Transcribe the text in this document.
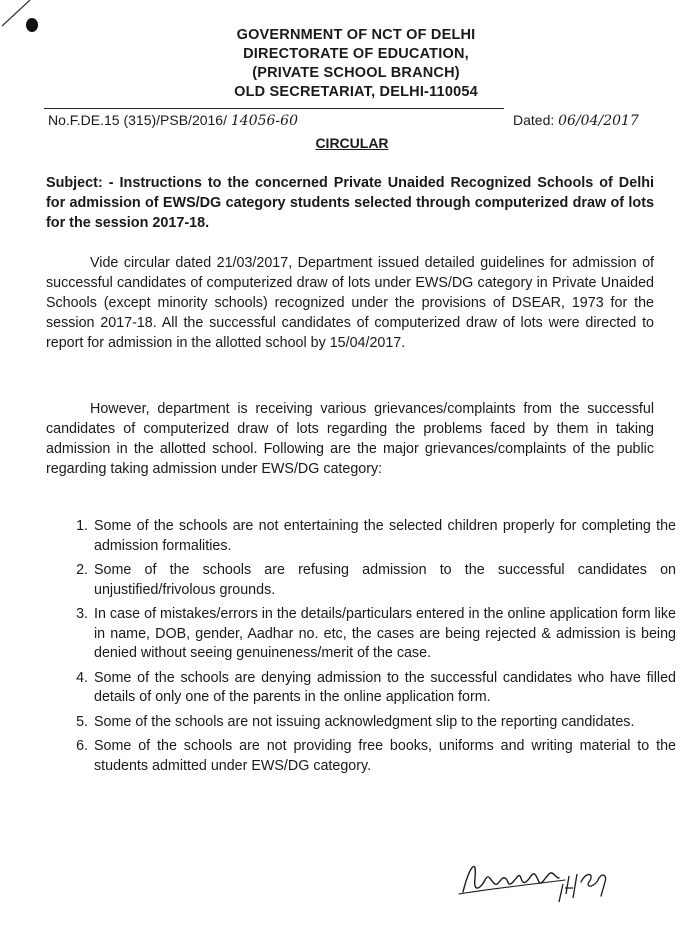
GOVERNMENT OF NCT OF DELHI
DIRECTORATE OF EDUCATION,
(PRIVATE SCHOOL BRANCH)
OLD SECRETARIAT, DELHI-110054
No.F.DE.15 (315)/PSB/2016/ 14056-60	Dated: 06/04/2017
CIRCULAR
Subject: - Instructions to the concerned Private Unaided Recognized Schools of Delhi for admission of EWS/DG category students selected through computerized draw of lots for the session 2017-18.
Vide circular dated 21/03/2017, Department issued detailed guidelines for admission of successful candidates of computerized draw of lots under EWS/DG category in Private Unaided Schools (except minority schools) recognized under the provisions of DSEAR, 1973 for the session 2017-18. All the successful candidates of computerized draw of lots were directed to report for admission in the allotted school by 15/04/2017.
However, department is receiving various grievances/complaints from the successful candidates of computerized draw of lots regarding the problems faced by them in taking admission in the allotted school. Following are the major grievances/complaints of the public regarding taking admission under EWS/DG category:
1. Some of the schools are not entertaining the selected children properly for completing the admission formalities.
2. Some of the schools are refusing admission to the successful candidates on unjustified/frivolous grounds.
3. In case of mistakes/errors in the details/particulars entered in the online application form like in name, DOB, gender, Aadhar no. etc, the cases are being rejected & admission is being denied without seeing genuineness/merit of the case.
4. Some of the schools are denying admission to the successful candidates who have filled details of only one of the parents in the online application form.
5. Some of the schools are not issuing acknowledgment slip to the reporting candidates.
6. Some of the schools are not providing free books, uniforms and writing material to the students admitted under EWS/DG category.
